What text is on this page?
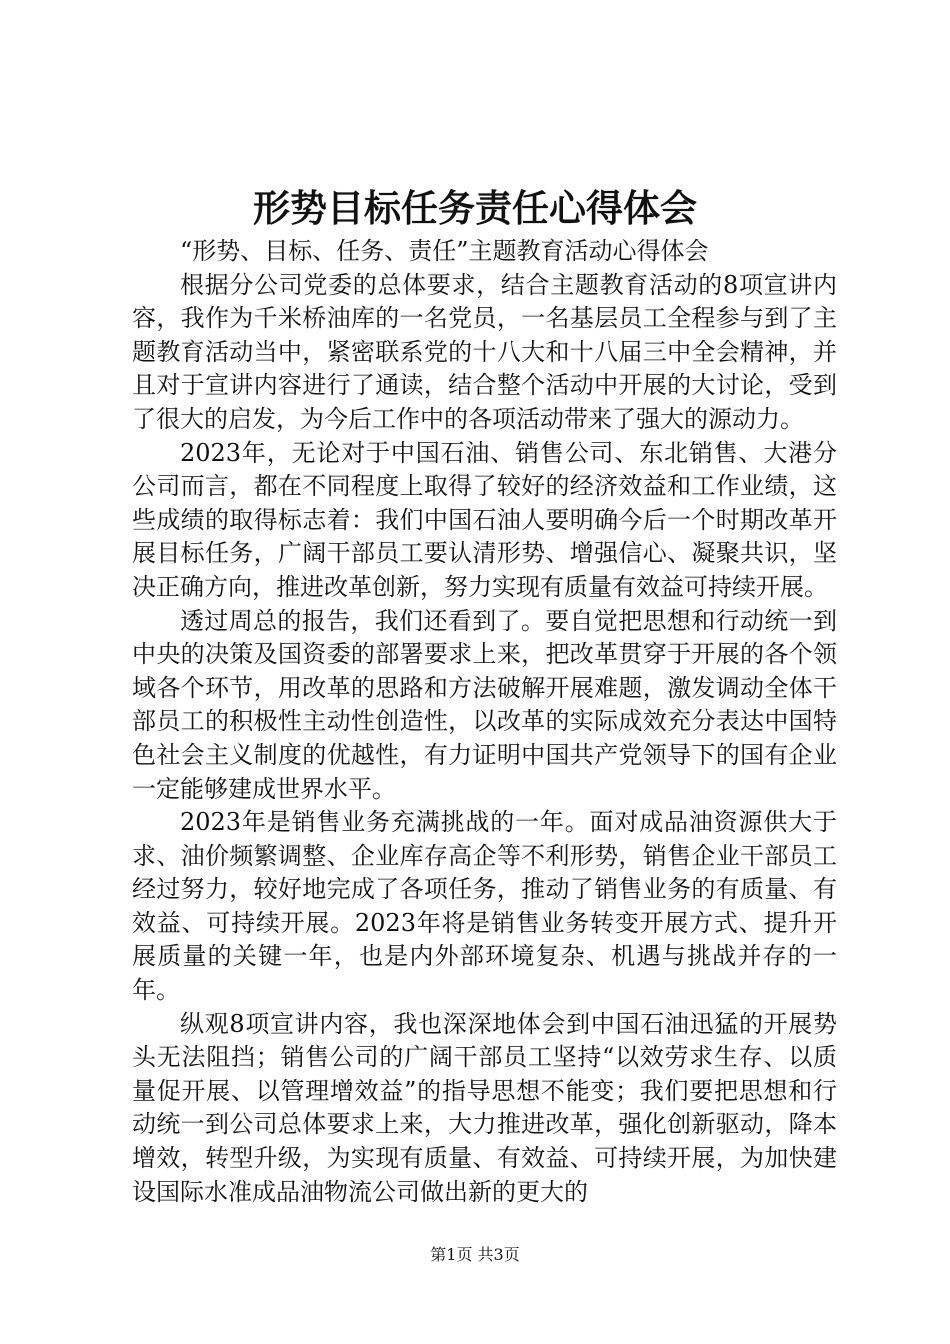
形势目标任务责任心得体会

“形势、目标、任务、责任”主题教育活动心得体会

根据分公司党委的总体要求，结合主题教育活动的8项宣讲内容，我作为千米桥油库的一名党员，一名基层员工全程参与到了主题教育活动当中，紧密联系党的十八大和十八届三中全会精神，并且对于宣讲内容进行了通读，结合整个活动中开展的大讨论，受到了很大的启发，为今后工作中的各项活动带来了强大的源动力。

2023年，无论对于中国石油、销售公司、东北销售、大港分公司而言，都在不同程度上取得了较好的经济效益和工作业绩，这些成绩的取得标志着：我们中国石油人要明确今后一个时期改革开展目标任务，广阔干部员工要认清形势、增强信心、凝聚共识，坚决正确方向，推进改革创新，努力实现有质量有效益可持续开展。

透过周总的报告，我们还看到了。要自觉把思想和行动统一到中央的决策及国资委的部署要求上来，把改革贯穿于开展的各个领域各个环节，用改革的思路和方法破解开展难题，激发调动全体干部员工的积极性主动性创造性，以改革的实际成效充分表达中国特色社会主义制度的优越性，有力证明中国共产党领导下的国有企业一定能够建成世界水平。

2023年是销售业务充满挑战的一年。面对成品油资源供大于求、油价频繁调整、企业库存高企等不利形势，销售企业干部员工经过努力，较好地完成了各项任务，推动了销售业务的有质量、有效益、可持续开展。2023年将是销售业务转变开展方式、提升开展质量的关键一年，也是内外部环境复杂、机遇与挑战并存的一年。

纵观8项宣讲内容，我也深深地体会到中国石油迅猛的开展势头无法阻挡；销售公司的广阔干部员工坚持“以效劳求生存、以质量促开展、以管理增效益”的指导思想不能变；我们要把思想和行动统一到公司总体要求上来，大力推进改革，强化创新驱动，降本增效，转型升级，为实现有质量、有效益、可持续开展，为加快建设国际水准成品油物流公司做出新的更大的

第1页 共3页
